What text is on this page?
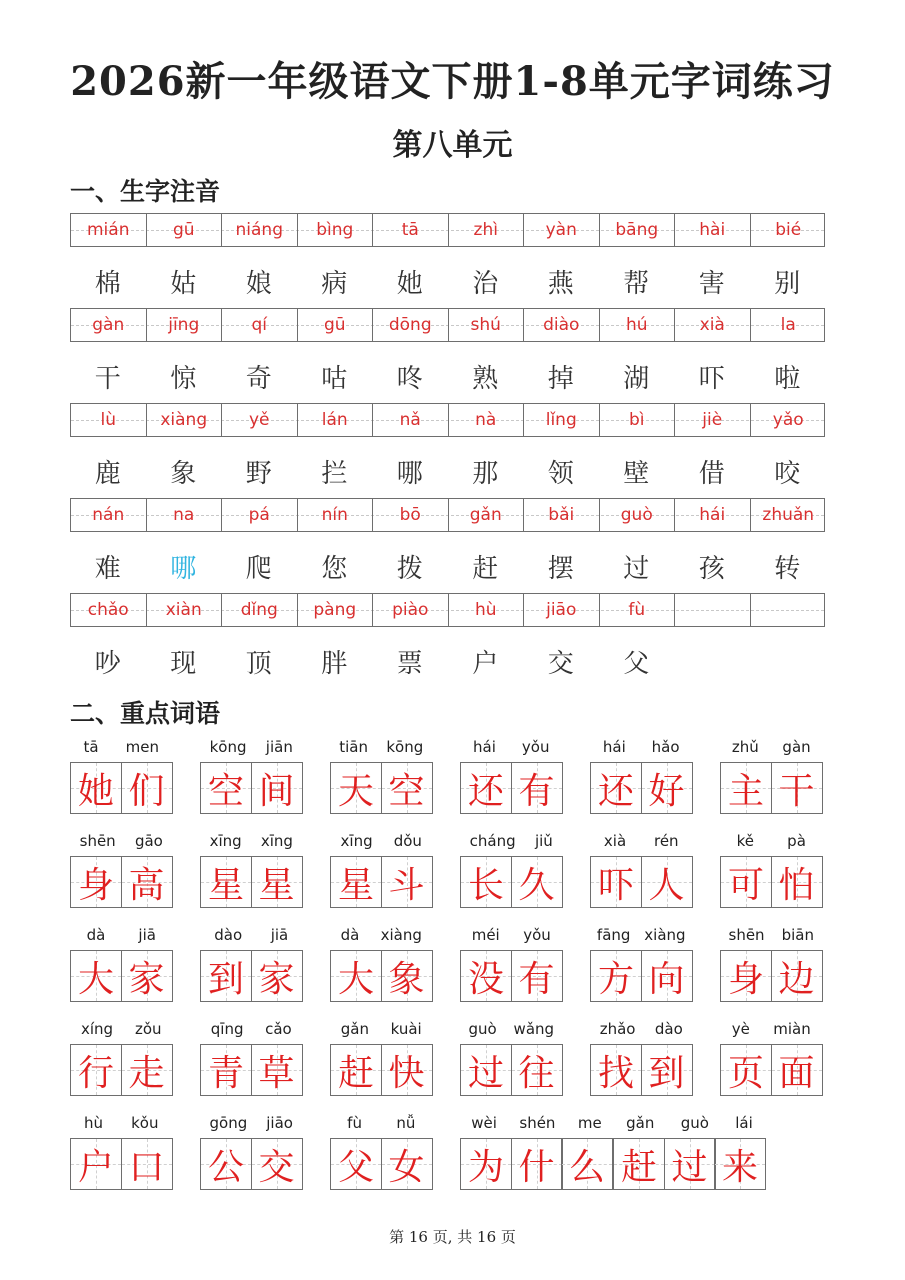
2026新一年级语文下册1-8单元字词练习
第八单元
一、生字注音
mián	gū	niáng	bìng	tā	zhì	yàn	bāng	hài	bié
棉	姑	娘	病	她	治	燕	帮	害	别
gàn	jīng	qí	gū	dōng	shú	diào	hú	xià	la
干	惊	奇	咕	咚	熟	掉	湖	吓	啦
lù	xiàng	yě	lán	nǎ	nà	lǐng	bì	jiè	yǎo
鹿	象	野	拦	哪	那	领	壁	借	咬
nán	na	pá	nín	bō	gǎn	bǎi	guò	hái	zhuǎn
难	哪	爬	您	拨	赶	摆	过	孩	转
chǎo	xiàn	dǐng	pàng	piào	hù	jiāo	fù
吵	现	顶	胖	票	户	交	父
二、重点词语
tā men
她 们
kōng jiān
空 间
tiān kōng
天 空
hái yǒu
还 有
hái hǎo
还 好
zhǔ gàn
主 干
shēn gāo
身 高
xīng xīng
星 星
xīng dǒu
星 斗
cháng jiǔ
长 久
xià rén
吓 人
kě pà
可 怕
dà jiā
大 家
dào jiā
到 家
dà xiàng
大 象
méi yǒu
没 有
fāng xiàng
方 向
shēn biān
身 边
xíng zǒu
行 走
qīng cǎo
青 草
gǎn kuài
赶 快
guò wǎng
过 往
zhǎo dào
找 到
yè miàn
页 面
hù kǒu
户 口
gōng jiāo
公 交
fù nǚ
父 女
wèi shén me
为 什 么
gǎn guò lái
赶 过 来
第 16 页, 共 16 页
